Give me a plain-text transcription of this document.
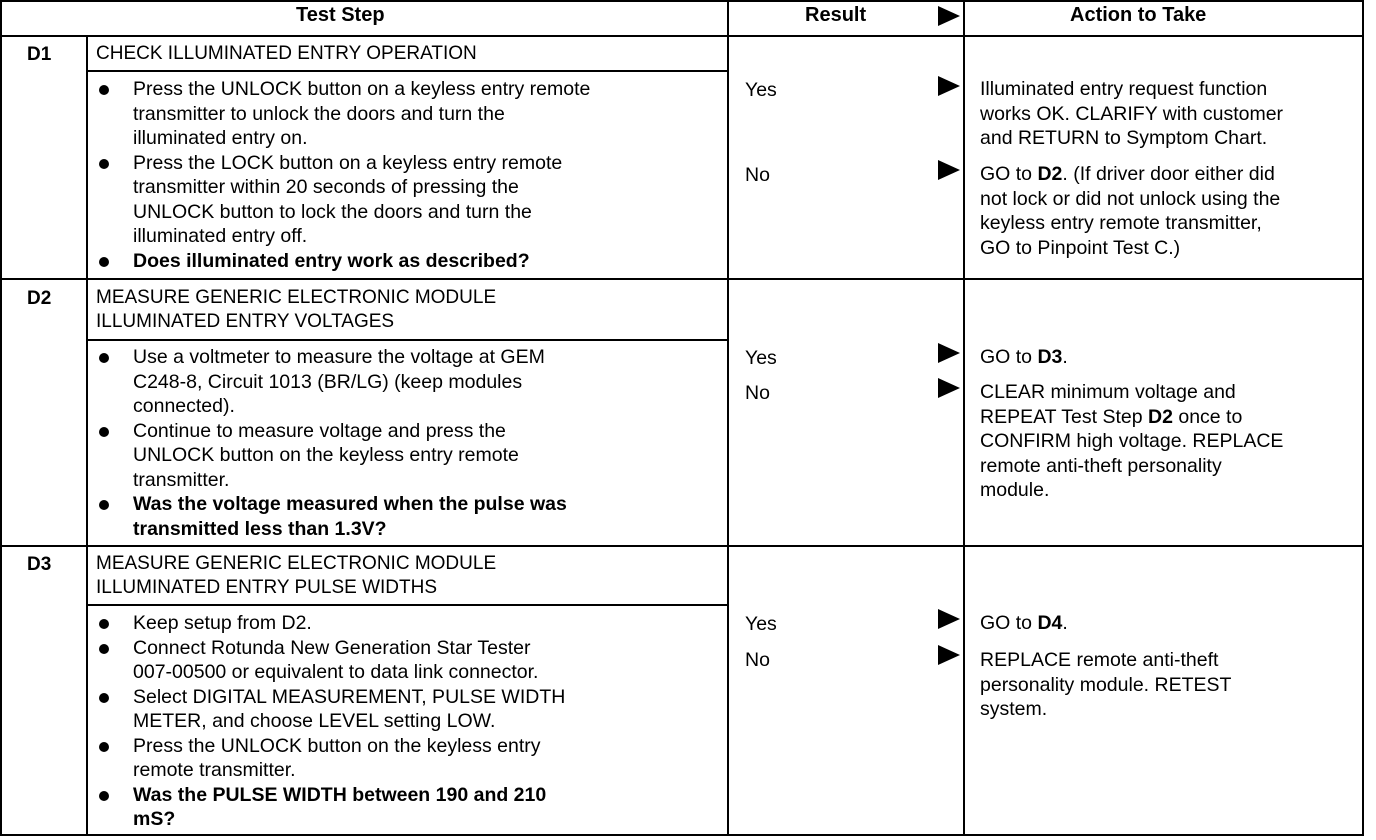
Test Step	Result	Action to Take
D1 CHECK ILLUMINATED ENTRY OPERATION
Press the UNLOCK button on a keyless entry remote
transmitter to unlock the doors and turn the
illuminated entry on.
Press the LOCK button on a keyless entry remote
transmitter within 20 seconds of pressing the
UNLOCK button to lock the doors and turn the
illuminated entry off.
Does illuminated entry work as described?
Yes	Illuminated entry request function
works OK. CLARIFY with customer
and RETURN to Symptom Chart.
No	GO to D2. (If driver door either did
not lock or did not unlock using the
keyless entry remote transmitter,
GO to Pinpoint Test C.)
D2 MEASURE GENERIC ELECTRONIC MODULE
ILLUMINATED ENTRY VOLTAGES
Use a voltmeter to measure the voltage at GEM
C248-8, Circuit 1013 (BR/LG) (keep modules
connected).
Continue to measure voltage and press the
UNLOCK button on the keyless entry remote
transmitter.
Was the voltage measured when the pulse was
transmitted less than 1.3V?
Yes	GO to D3.
No	CLEAR minimum voltage and
REPEAT Test Step D2 once to
CONFIRM high voltage. REPLACE
remote anti-theft personality
module.
D3 MEASURE GENERIC ELECTRONIC MODULE
ILLUMINATED ENTRY PULSE WIDTHS
Keep setup from D2.
Connect Rotunda New Generation Star Tester
007-00500 or equivalent to data link connector.
Select DIGITAL MEASUREMENT, PULSE WIDTH
METER, and choose LEVEL setting LOW.
Press the UNLOCK button on the keyless entry
remote transmitter.
Was the PULSE WIDTH between 190 and 210
mS?
Yes	GO to D4.
No	REPLACE remote anti-theft
personality module. RETEST
system.
